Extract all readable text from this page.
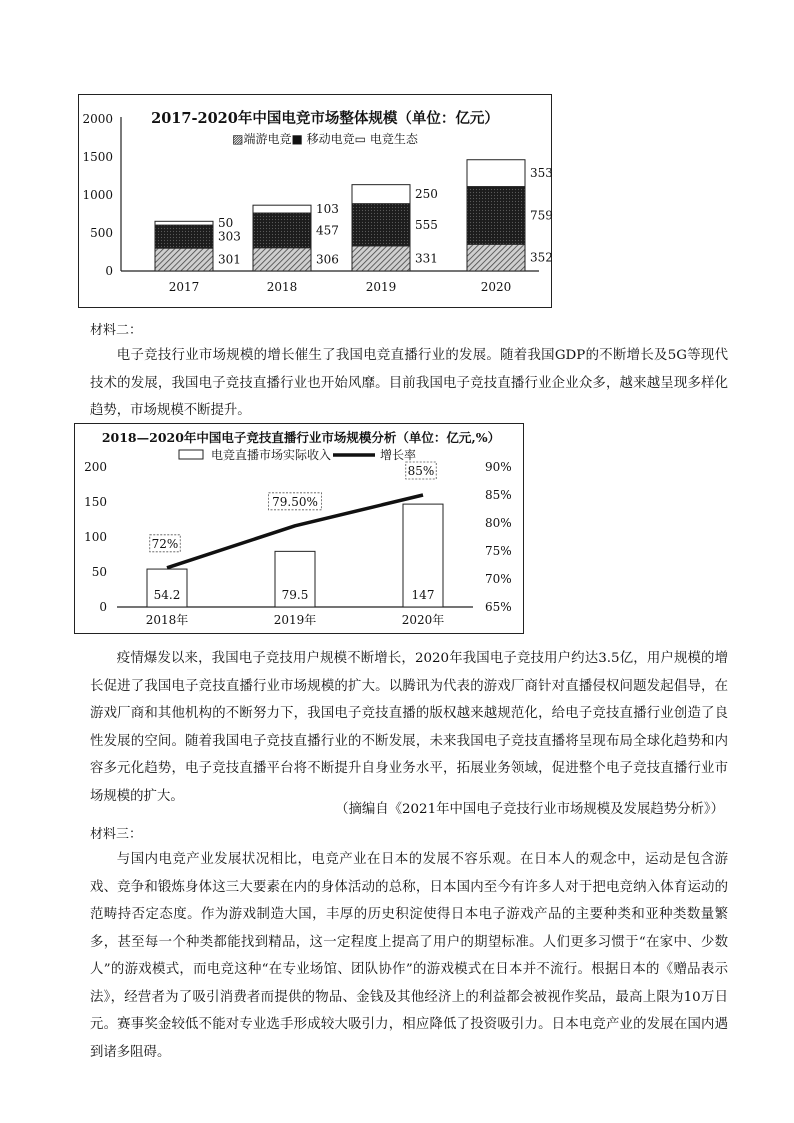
2017-2020年中国电竞市场整体规模（单位：亿元）
▨端游电竞■ 移动电竞▭ 电竞生态
0
500
1000
1500
2000
301
303
50
2017
306
457
103
2018
331
555
250
2019
352
759
353
2020
材料二：

电子竞技行业市场规模的增长催生了我国电竞直播行业的发展。随着我国GDP的不断增长及5G等现代技术的发展，我国电子竞技直播行业也开始风靡。目前我国电子竞技直播行业企业众多，越来越呈现多样化趋势，市场规模不断提升。

2018—2020年中国电子竞技直播行业市场规模分析（单位：亿元,%）
电竞直播市场实际收入	增长率
0
50
100
150
200
65%
70%
75%
80%
85%
90%
54.2
2018年
79.5
2019年
147
2020年
72%
79.50%
85%

疫情爆发以来，我国电子竞技用户规模不断增长，2020年我国电子竞技用户约达3.5亿，用户规模的增长促进了我国电子竞技直播行业市场规模的扩大。以腾讯为代表的游戏厂商针对直播侵权问题发起倡导，在游戏厂商和其他机构的不断努力下，我国电子竞技直播的版权越来越规范化，给电子竞技直播行业创造了良性发展的空间。随着我国电子竞技直播行业的不断发展，未来我国电子竞技直播将呈现布局全球化趋势和内容多元化趋势，电子竞技直播平台将不断提升自身业务水平，拓展业务领域，促进整个电子竞技直播行业市场规模的扩大。

（摘编自《2021年中国电子竞技行业市场规模及发展趋势分析》）
材料三：

与国内电竞产业发展状况相比，电竞产业在日本的发展不容乐观。在日本人的观念中，运动是包含游戏、竞争和锻炼身体这三大要素在内的身体活动的总称，日本国内至今有许多人对于把电竞纳入体育运动的范畴持否定态度。作为游戏制造大国，丰厚的历史积淀使得日本电子游戏产品的主要种类和亚种类数量繁多，甚至每一个种类都能找到精品，这一定程度上提高了用户的期望标准。人们更多习惯于“在家中、少数人”的游戏模式，而电竞这种“在专业场馆、团队协作”的游戏模式在日本并不流行。根据日本的《赠品表示法》，经营者为了吸引消费者而提供的物品、金钱及其他经济上的利益都会被视作奖品，最高上限为10万日元。赛事奖金较低不能对专业选手形成较大吸引力，相应降低了投资吸引力。日本电竞产业的发展在国内遇到诸多阻碍。
